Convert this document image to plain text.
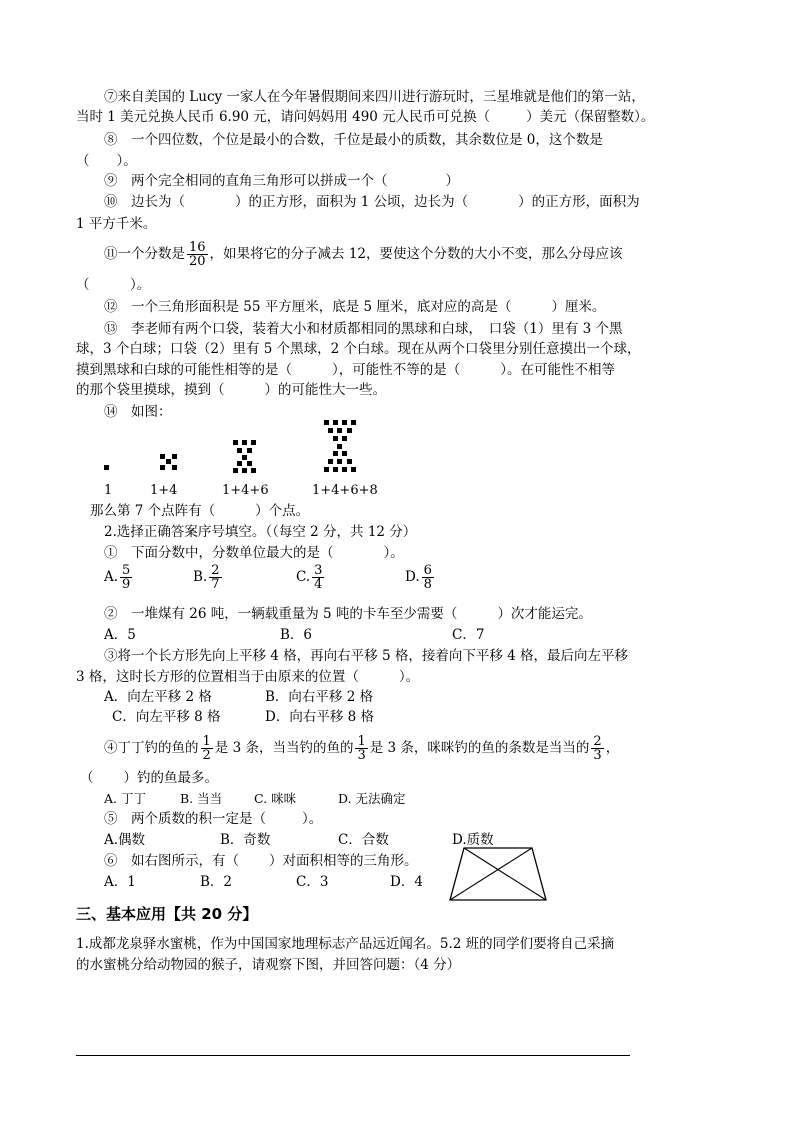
⑦来自美国的 Lucy 一家人在今年暑假期间来四川进行游玩时，三星堆就是他们的第一站，
当时 1 美元兑换人民币 6.90 元，请问妈妈用 490 元人民币可兑换（	）美元（保留整数）。
⑧　一个四位数，个位是最小的合数，千位是最小的质数，其余数位是 0，这个数是
（　　）。
⑨　两个完全相同的直角三角形可以拼成一个（	）
⑩　边长为（	）的正方形，面积为 1 公顷，边长为（	）的正方形，面积为
1 平方千米。
⑪一个分数是 $\frac{16}{20}$ ，如果将它的分子减去 12，要使这个分数的大小不变，那么分母应该
（　　　）。
⑫　一个三角形面积是 55 平方厘米，底是 5 厘米，底对应的高是（	）厘米。
⑬　李老师有两个口袋，装着大小和材质都相同的黑球和白球，　口袋（1）里有 3 个黑
球，3 个白球；口袋（2）里有 5 个黑球，2 个白球。现在从两个口袋里分别任意摸出一个球，
摸到黑球和白球的可能性相等的是（	），可能性不等的是（	）。在可能性不相等
的那个袋里摸球，摸到（	）的可能性大一些。
⑭　如图：
1	1+4	1+4+6	1+4+6+8
那么第 7 个点阵有（	）个点。
2.选择正确答案序号填空。（（每空 2 分，共 12 分）
①　下面分数中，分数单位最大的是（	）。
A. $\frac{5}{9}$	B. $\frac{2}{7}$	C. $\frac{3}{4}$	D. $\frac{6}{8}$
②　一堆煤有 26 吨，一辆载重量为 5 吨的卡车至少需要（	）次才能运完。
A．5	B．6	C．7
③将一个长方形先向上平移 4 格，再向右平移 5 格，接着向下平移 4 格，最后向左平移
3 格，这时长方形的位置相当于由原来的位置（	）。
A．向左平移 2 格	B．向右平移 2 格
C．向左平移 8 格	D．向右平移 8 格
④丁丁钓的鱼的 $\frac{1}{2}$ 是 3 条，当当钓的鱼的 $\frac{1}{3}$ 是 3 条，咪咪钓的鱼的条数是当当的 $\frac{2}{3}$ ，
（ ）钓的鱼最多。
A. 丁丁	B. 当当	C. 咪咪	D. 无法确定
⑤　两个质数的积一定是（	）。
A.偶数	B．奇数	C．合数	D.质数
⑥　如右图所示，有（ ）对面积相等的三角形。
A．1	B．2	C．3	D．4
三、基本应用【共 20 分】
1.成都龙泉驿水蜜桃，作为中国国家地理标志产品远近闻名。5.2 班的同学们要将自己采摘
的水蜜桃分给动物园的猴子，请观察下图，并回答问题：（4 分）
